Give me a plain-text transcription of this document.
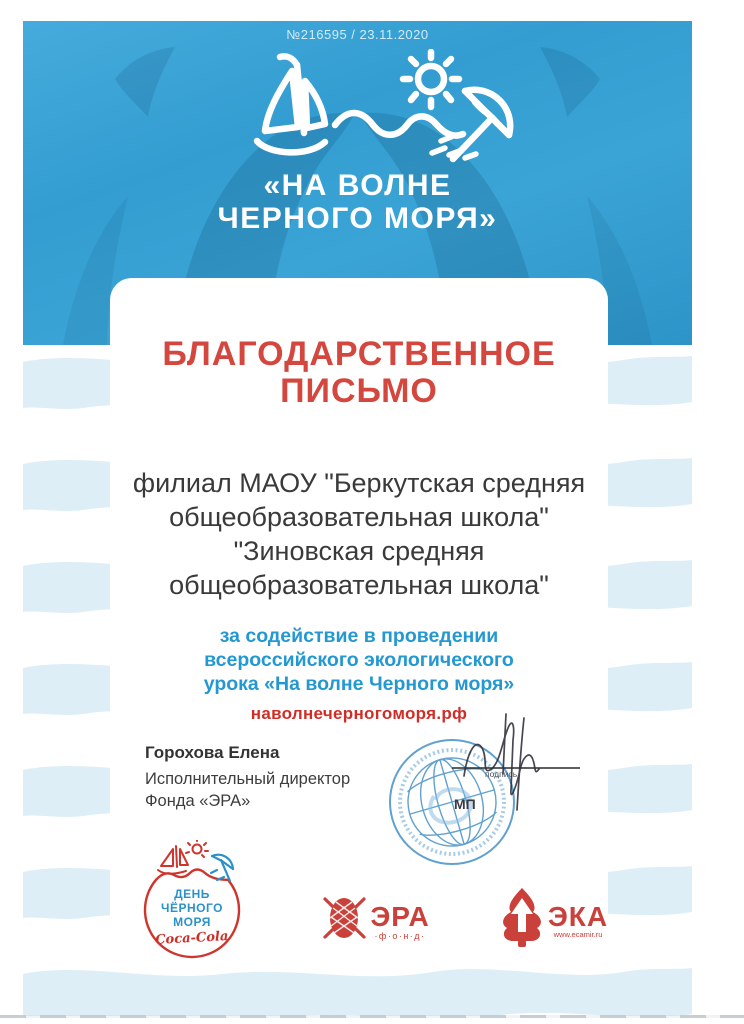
№216595 / 23.11.2020
«НА ВОЛНЕ
ЧЕРНОГО МОРЯ»
БЛАГОДАРСТВЕННОЕ
ПИСЬМО
филиал МАОУ "Беркутская средняя
общеобразовательная школа"
"Зиновская средняя
общеобразовательная школа"
за содействие в проведении
всероссийского экологического
урока «На волне Черного моря»
наволнечерногоморя.рф
Горохова Елена
Исполнительный директор
Фонда «ЭРА»	МП
подпись
ДЕНЬ
ЧЁРНОГО
МОРЯ
Coca-Cola
ЭРА
·ф·о·н·д·
ЭКА
www.ecamir.ru
